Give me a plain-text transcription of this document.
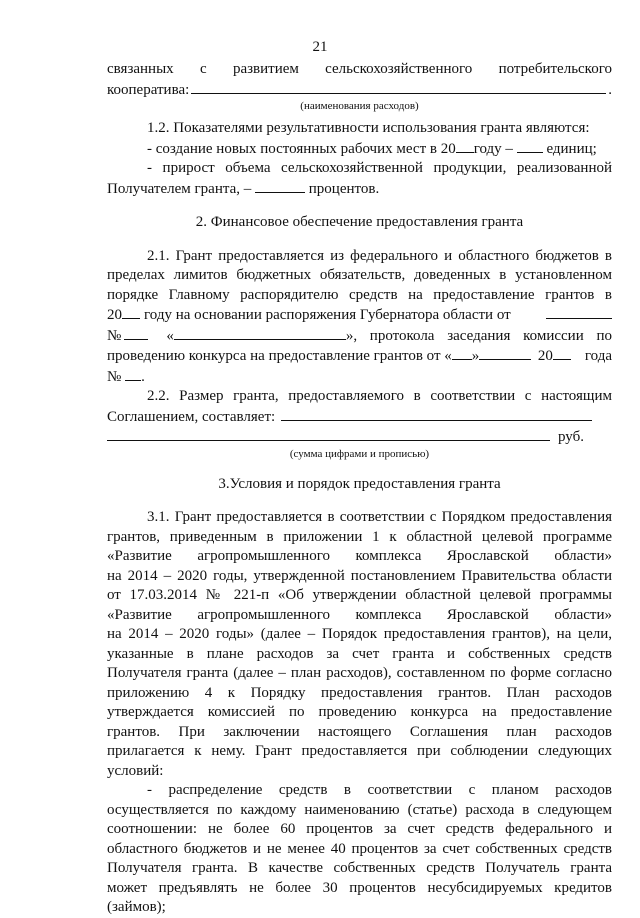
21

связанных с развитием сельскохозяйственного потребительского

кооператива:	.

(наименования расходов)

1.2. Показателями результативности использования гранта являются:

- создание новых постоянных рабочих мест в 20 году – единиц;

- прирост объема сельскохозяйственной продукции, реализованной

Получателем гранта, –	процентов.

2. Финансовое обеспечение предоставления гранта

2.1. Грант предоставляется из федерального и областного бюджетов в

пределах лимитов бюджетных обязательств, доведенных в установленном

порядке Главному распорядителю средств на предоставление грантов в

20 году на основании распоряжения Губернатора области от
№	«	», протокола заседания комиссии по
проведению конкурса на предоставление грантов от « »	20 года

№ .

2.2. Размер гранта, предоставляемого в соответствии с настоящим

Соглашением, составляет:
руб.

(сумма цифрами и прописью)

3.Условия и порядок предоставления гранта

3.1. Грант предоставляется в соответствии с Порядком предоставления

грантов, приведенным в приложении 1 к областной целевой программе

«Развитие агропромышленного комплекса Ярославской области»

на 2014 – 2020 годы, утвержденной постановлением Правительства области

от 17.03.2014 № 221-п «Об утверждении областной целевой программы

«Развитие агропромышленного комплекса Ярославской области»

на 2014 – 2020 годы» (далее – Порядок предоставления грантов), на цели,

указанные в плане расходов за счет гранта и собственных средств

Получателя гранта (далее – план расходов), составленном по форме согласно

приложению 4 к Порядку предоставления грантов. План расходов

утверждается комиссией по проведению конкурса на предоставление

грантов. При заключении настоящего Соглашения план расходов

прилагается к нему. Грант предоставляется при соблюдении следующих

условий:

- распределение средств в соответствии с планом расходов

осуществляется по каждому наименованию (статье) расхода в следующем

соотношении: не более 60 процентов за счет средств федерального и

областного бюджетов и не менее 40 процентов за счет собственных средств

Получателя гранта. В качестве собственных средств Получатель гранта

может предъявлять не более 30 процентов несубсидируемых кредитов

(займов);
